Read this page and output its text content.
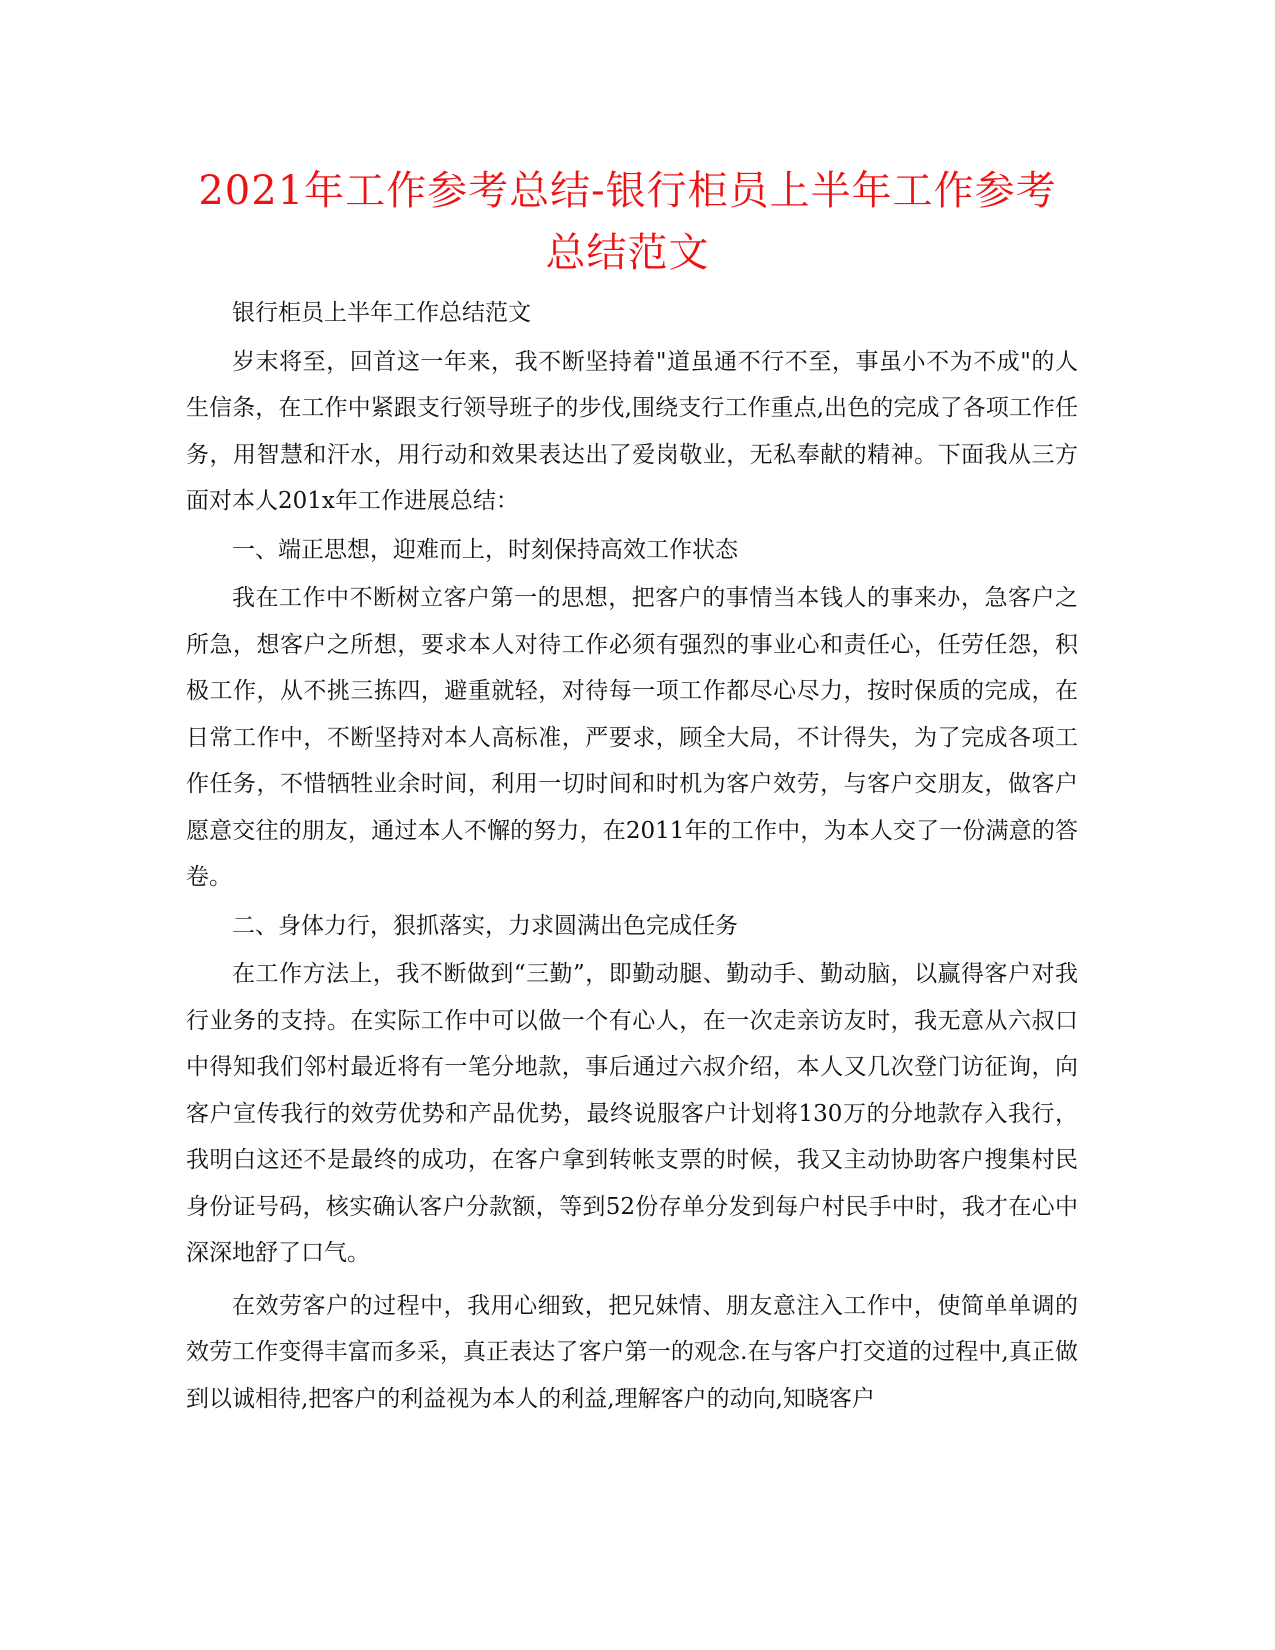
2021年工作参考总结-银行柜员上半年工作参考总结范文

银行柜员上半年工作总结范文

岁末将至，回首这一年来，我不断坚持着"道虽通不行不至，事虽小不为不成"的人生信条，在工作中紧跟支行领导班子的步伐,围绕支行工作重点,出色的完成了各项工作任务，用智慧和汗水，用行动和效果表达出了爱岗敬业，无私奉献的精神。下面我从三方面对本人201x年工作进展总结：

一、端正思想，迎难而上，时刻保持高效工作状态

我在工作中不断树立客户第一的思想，把客户的事情当本钱人的事来办，急客户之所急，想客户之所想，要求本人对待工作必须有强烈的事业心和责任心，任劳任怨，积极工作，从不挑三拣四，避重就轻，对待每一项工作都尽心尽力，按时保质的完成，在日常工作中，不断坚持对本人高标准，严要求，顾全大局，不计得失，为了完成各项工作任务，不惜牺牲业余时间，利用一切时间和时机为客户效劳，与客户交朋友，做客户愿意交往的朋友，通过本人不懈的努力，在2011年的工作中，为本人交了一份满意的答卷。

二、身体力行，狠抓落实，力求圆满出色完成任务

在工作方法上，我不断做到“三勤”，即勤动腿、勤动手、勤动脑，以赢得客户对我行业务的支持。在实际工作中可以做一个有心人，在一次走亲访友时，我无意从六叔口中得知我们邻村最近将有一笔分地款，事后通过六叔介绍，本人又几次登门访征询，向客户宣传我行的效劳优势和产品优势，最终说服客户计划将130万的分地款存入我行，我明白这还不是最终的成功，在客户拿到转帐支票的时候，我又主动协助客户搜集村民身份证号码，核实确认客户分款额，等到52份存单分发到每户村民手中时，我才在心中深深地舒了口气。

在效劳客户的过程中，我用心细致，把兄妹情、朋友意注入工作中，使简单单调的效劳工作变得丰富而多采，真正表达了客户第一的观念.在与客户打交道的过程中,真正做到以诚相待,把客户的利益视为本人的利益,理解客户的动向,知晓客户
